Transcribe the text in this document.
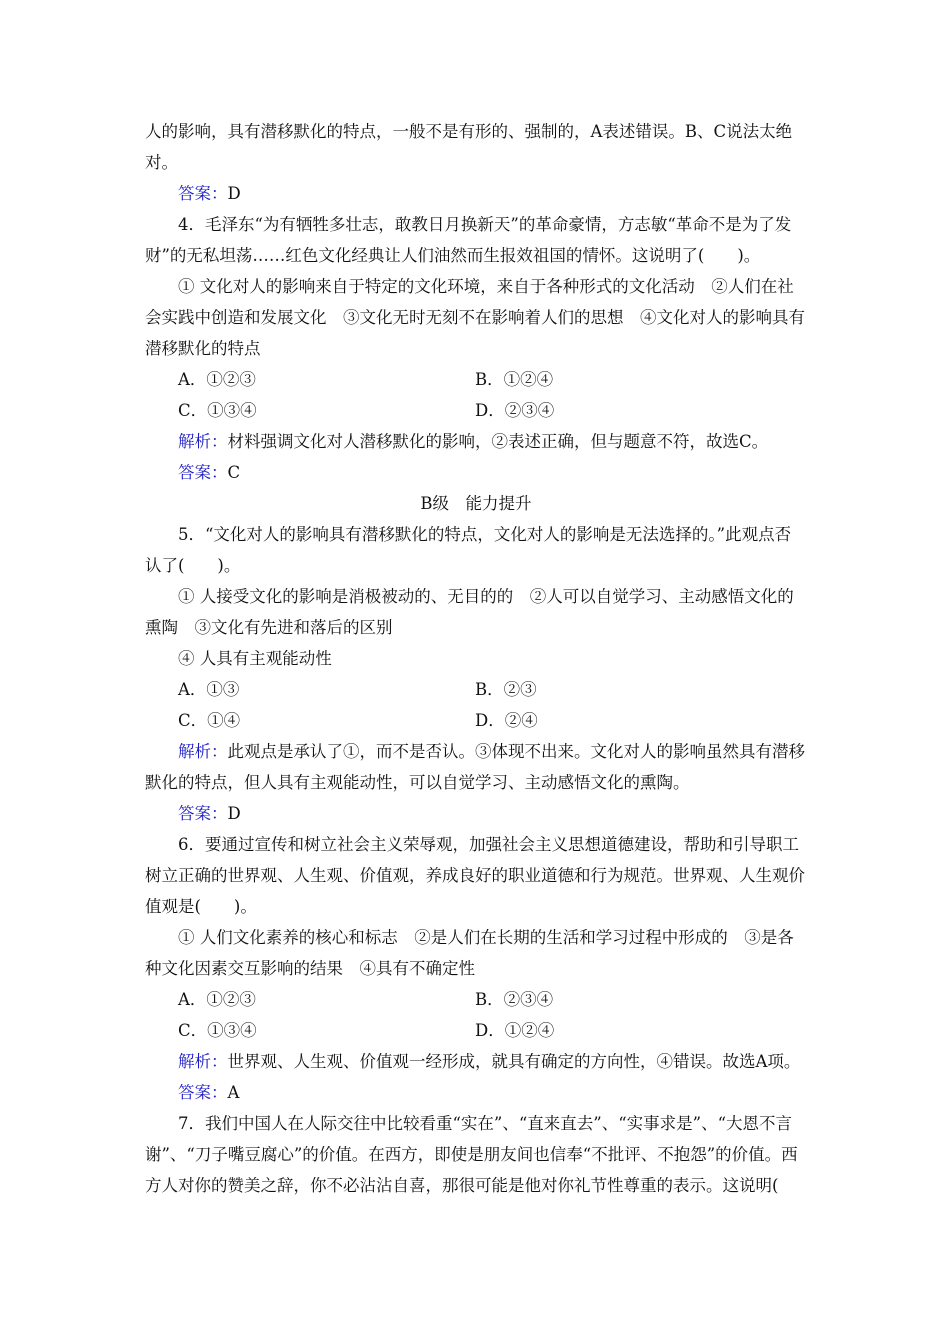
人的影响，具有潜移默化的特点，一般不是有形的、强制的，A表述错误。B、C说法太绝对。

答案：D

4．毛泽东“为有牺牲多壮志，敢教日月换新天”的革命豪情，方志敏“革命不是为了发财”的无私坦荡……红色文化经典让人们油然而生报效祖国的情怀。这说明了(　　)。

① 文化对人的影响来自于特定的文化环境，来自于各种形式的文化活动　②人们在社会实践中创造和发展文化　③文化无时无刻不在影响着人们的思想　④文化对人的影响具有潜移默化的特点

A．①②③	B．①②④
C．①③④	D．②③④

解析：材料强调文化对人潜移默化的影响，②表述正确，但与题意不符，故选C。

答案：C

B级　能力提升

5．“文化对人的影响具有潜移默化的特点，文化对人的影响是无法选择的。”此观点否认了(　　)。

① 人接受文化的影响是消极被动的、无目的的　②人可以自觉学习、主动感悟文化的熏陶　③文化有先进和落后的区别

④ 人具有主观能动性

A．①③	B．②③
C．①④	D．②④

解析：此观点是承认了①，而不是否认。③体现不出来。文化对人的影响虽然具有潜移默化的特点，但人具有主观能动性，可以自觉学习、主动感悟文化的熏陶。

答案：D

6．要通过宣传和树立社会主义荣辱观，加强社会主义思想道德建设，帮助和引导职工树立正确的世界观、人生观、价值观，养成良好的职业道德和行为规范。世界观、人生观价值观是(　　)。

① 人们文化素养的核心和标志　②是人们在长期的生活和学习过程中形成的　③是各种文化因素交互影响的结果　④具有不确定性

A．①②③	B．②③④
C．①③④	D．①②④

解析：世界观、人生观、价值观一经形成，就具有确定的方向性，④错误。故选A项。

答案：A

7．我们中国人在人际交往中比较看重“实在”、“直来直去”、“实事求是”、“大恩不言谢”、“刀子嘴豆腐心”的价值。在西方，即使是朋友间也信奉“不批评、不抱怨”的价值。西方人对你的赞美之辞，你不必沾沾自喜，那很可能是他对你礼节性尊重的表示。这说明(
